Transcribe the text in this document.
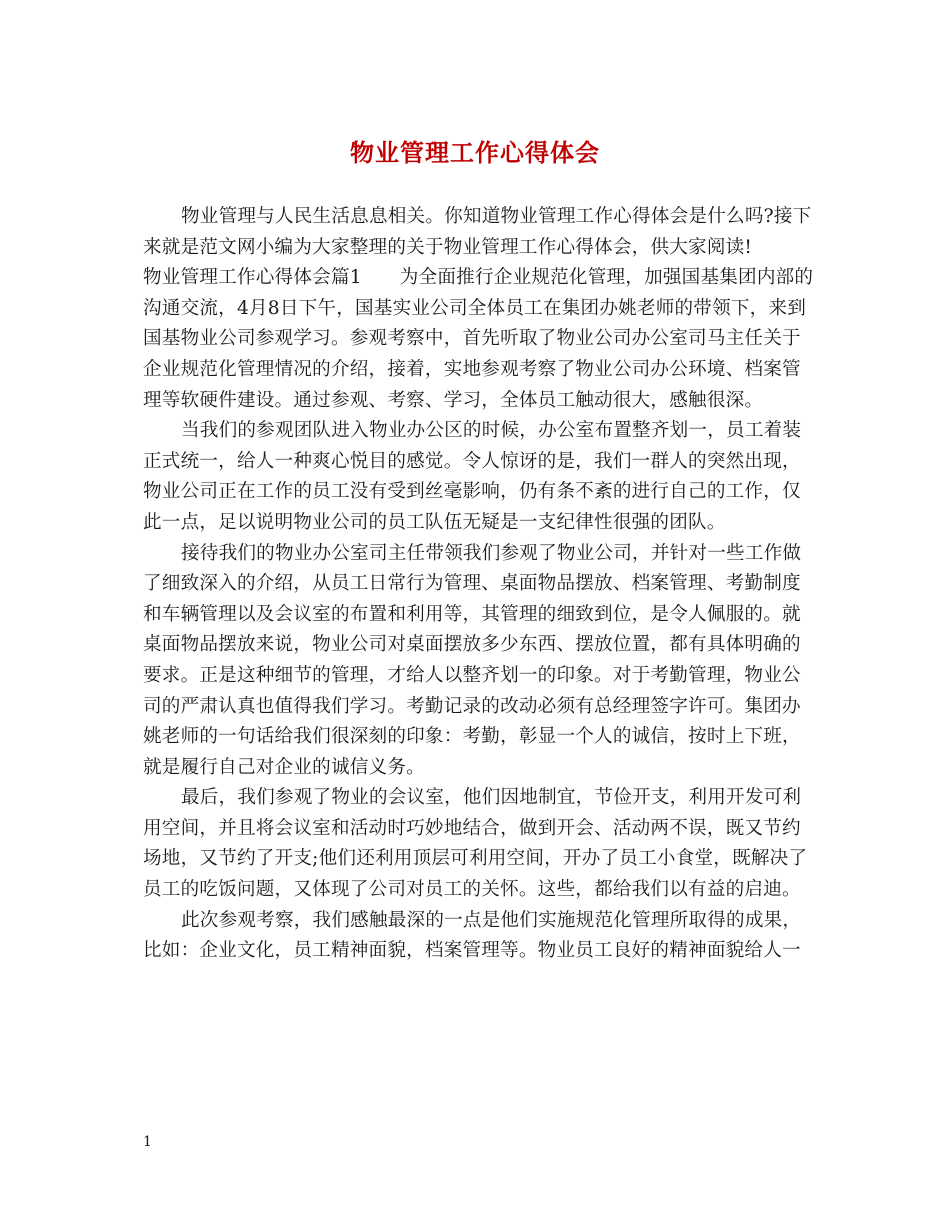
物业管理工作心得体会
物业管理与人民生活息息相关。你知道物业管理工作心得体会是什么吗?接下
来就是范文网小编为大家整理的关于物业管理工作心得体会，供大家阅读!
物业管理工作心得体会篇1 为全面推行企业规范化管理，加强国基集团内部的
沟通交流，4月8日下午，国基实业公司全体员工在集团办姚老师的带领下，来到
国基物业公司参观学习。参观考察中，首先听取了物业公司办公室司马主任关于
企业规范化管理情况的介绍，接着，实地参观考察了物业公司办公环境、档案管
理等软硬件建设。通过参观、考察、学习，全体员工触动很大，感触很深。
当我们的参观团队进入物业办公区的时候，办公室布置整齐划一，员工着装
正式统一，给人一种爽心悦目的感觉。令人惊讶的是，我们一群人的突然出现，
物业公司正在工作的员工没有受到丝毫影响，仍有条不紊的进行自己的工作，仅
此一点，足以说明物业公司的员工队伍无疑是一支纪律性很强的团队。
接待我们的物业办公室司主任带领我们参观了物业公司，并针对一些工作做
了细致深入的介绍，从员工日常行为管理、桌面物品摆放、档案管理、考勤制度
和车辆管理以及会议室的布置和利用等，其管理的细致到位，是令人佩服的。就
桌面物品摆放来说，物业公司对桌面摆放多少东西、摆放位置，都有具体明确的
要求。正是这种细节的管理，才给人以整齐划一的印象。对于考勤管理，物业公
司的严肃认真也值得我们学习。考勤记录的改动必须有总经理签字许可。集团办
姚老师的一句话给我们很深刻的印象：考勤，彰显一个人的诚信，按时上下班，
就是履行自己对企业的诚信义务。
最后，我们参观了物业的会议室，他们因地制宜，节俭开支，利用开发可利
用空间，并且将会议室和活动时巧妙地结合，做到开会、活动两不误，既又节约
场地，又节约了开支;他们还利用顶层可利用空间，开办了员工小食堂，既解决了
员工的吃饭问题，又体现了公司对员工的关怀。这些，都给我们以有益的启迪。
此次参观考察，我们感触最深的一点是他们实施规范化管理所取得的成果，
比如：企业文化，员工精神面貌，档案管理等。物业员工良好的精神面貌给人一
1
